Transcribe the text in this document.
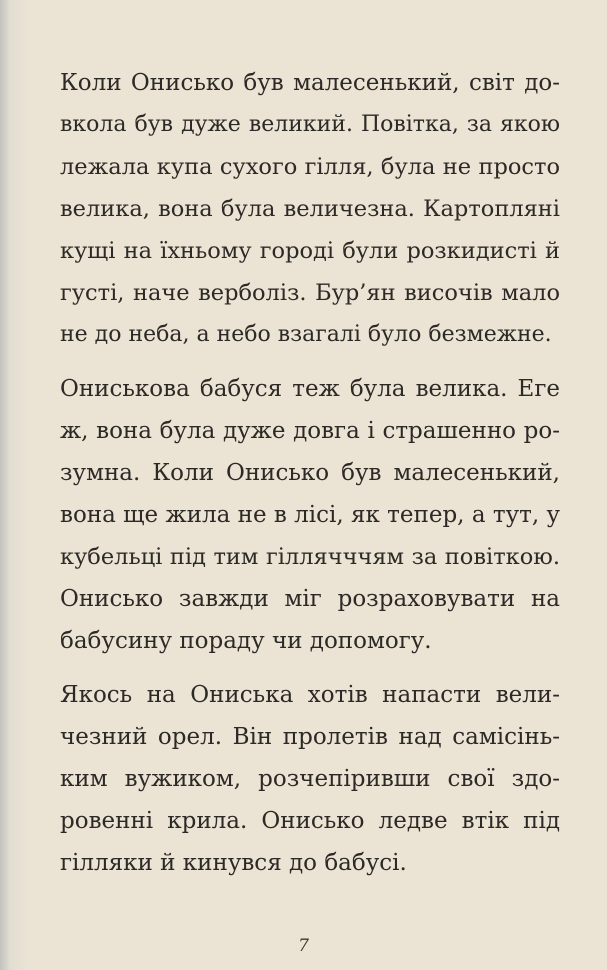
Коли Онисько був малесенький, світ до-
вкола був дуже великий. Повітка, за якою
лежала купа сухого гілля, була не просто
велика, вона була величезна. Картопляні
кущі на їхньому городі були розкидисті й
густі, наче верболіз. Бур’ян височів мало
не до неба, а небо взагалі було безмежне.
Ониськова бабуся теж була велика. Еге
ж, вона була дуже довга і страшенно ро-
зумна. Коли Онисько був малесенький,
вона ще жила не в лісі, як тепер, а тут, у
кубельці під тим гіллячччям за повіткою.
Онисько завжди міг розраховувати на
бабусину пораду чи допомогу.
Якось на Ониська хотів напасти вели-
чезний орел. Він пролетів над самісінь-
ким вужиком, розчепіривши свої здо-
ровенні крила. Онисько ледве втік під
гілляки й кинувся до бабусі.
7
